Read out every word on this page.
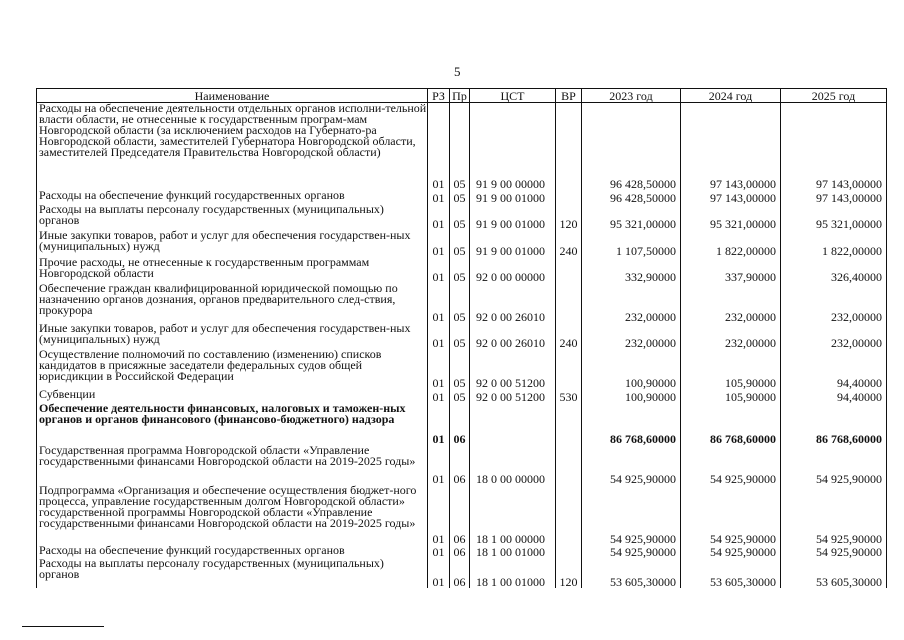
5
Наименование	РЗ	Пр	ЦСТ	ВР	2023 год	2024 год	2025 год
Расходы на обеспечение деятельности отдельных органов исполни-тельной власти области, не отнесенные к государственным програм-мам Новгородской области (за исключением расходов на Губернато-ра Новгородской области, заместителей Губернатора Новгородской области, заместителей Председателя Правительства Новгородской области)	01	05	91 9 00 00000		96 428,50000	97 143,00000	97 143,00000
Расходы на обеспечение функций государственных органов	01	05	91 9 00 01000		96 428,50000	97 143,00000	97 143,00000
Расходы на выплаты персоналу государственных (муниципальных) органов	01	05	91 9 00 01000	120	95 321,00000	95 321,00000	95 321,00000
Иные закупки товаров, работ и услуг для обеспечения государствен-ных (муниципальных) нужд	01	05	91 9 00 01000	240	1 107,50000	1 822,00000	1 822,00000
Прочие расходы, не отнесенные к государственным программам Новгородской области	01	05	92 0 00 00000		332,90000	337,90000	326,40000
Обеспечение граждан квалифицированной юридической помощью по назначению органов дознания, органов предварительного след-ствия, прокурора	01	05	92 0 00 26010		232,00000	232,00000	232,00000
Иные закупки товаров, работ и услуг для обеспечения государствен-ных (муниципальных) нужд	01	05	92 0 00 26010	240	232,00000	232,00000	232,00000
Осуществление полномочий по составлению (изменению) списков кандидатов в присяжные заседатели федеральных судов общей юрисдикции в Российской Федерации	01	05	92 0 00 51200		100,90000	105,90000	94,40000
Субвенции	01	05	92 0 00 51200	530	100,90000	105,90000	94,40000
Обеспечение деятельности финансовых, налоговых и таможен-ных органов и органов финансового (финансово-бюджетного) надзора	01	06			86 768,60000	86 768,60000	86 768,60000
Государственная программа Новгородской области «Управление государственными финансами Новгородской области на 2019-2025 годы»	01	06	18 0 00 00000		54 925,90000	54 925,90000	54 925,90000
Подпрограмма «Организация и обеспечение осуществления бюджет-ного процесса, управление государственным долгом Новгородской области» государственной программы Новгородской области «Управление государственными финансами Новгородской области на 2019-2025 годы»	01	06	18 1 00 00000		54 925,90000	54 925,90000	54 925,90000
Расходы на обеспечение функций государственных органов	01	06	18 1 00 01000		54 925,90000	54 925,90000	54 925,90000
Расходы на выплаты персоналу государственных (муниципальных) органов	01	06	18 1 00 01000	120	53 605,30000	53 605,30000	53 605,30000
